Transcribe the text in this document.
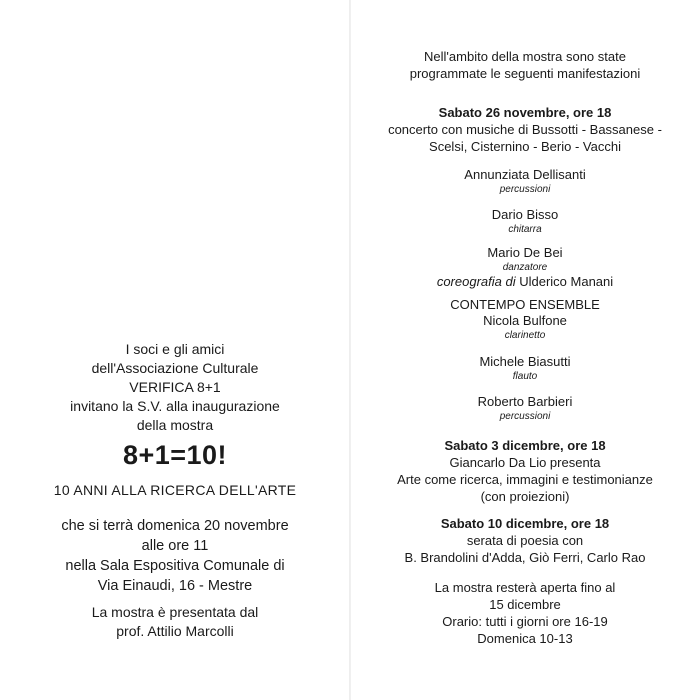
I soci e gli amici
dell'Associazione Culturale
VERIFICA 8+1
invitano la S.V. alla inaugurazione
della mostra
8+1=10!
10 ANNI ALLA RICERCA DELL'ARTE
che si terrà domenica 20 novembre
alle ore 11
nella Sala Espositiva Comunale di
Via Einaudi, 16 - Mestre
La mostra è presentata dal
prof. Attilio Marcolli
Nell'ambito della mostra sono state
programmate le seguenti manifestazioni
Sabato 26 novembre, ore 18
concerto con musiche di Bussotti - Bassanese -
Scelsi, Cisternino - Berio - Vacchi
Annunziata Dellisanti
percussioni
Dario Bisso
chitarra
Mario De Bei
danzatore
coreografia di Ulderico Manani
CONTEMPO ENSEMBLE
Nicola Bulfone
clarinetto
Michele Biasutti
flauto
Roberto Barbieri
percussioni
Sabato 3 dicembre, ore 18
Giancarlo Da Lio presenta
Arte come ricerca, immagini e testimonianze
(con proiezioni)
Sabato 10 dicembre, ore 18
serata di poesia con
B. Brandolini d'Adda, Giò Ferri, Carlo Rao
La mostra resterà aperta fino al
15 dicembre
Orario: tutti i giorni ore 16-19
Domenica 10-13
